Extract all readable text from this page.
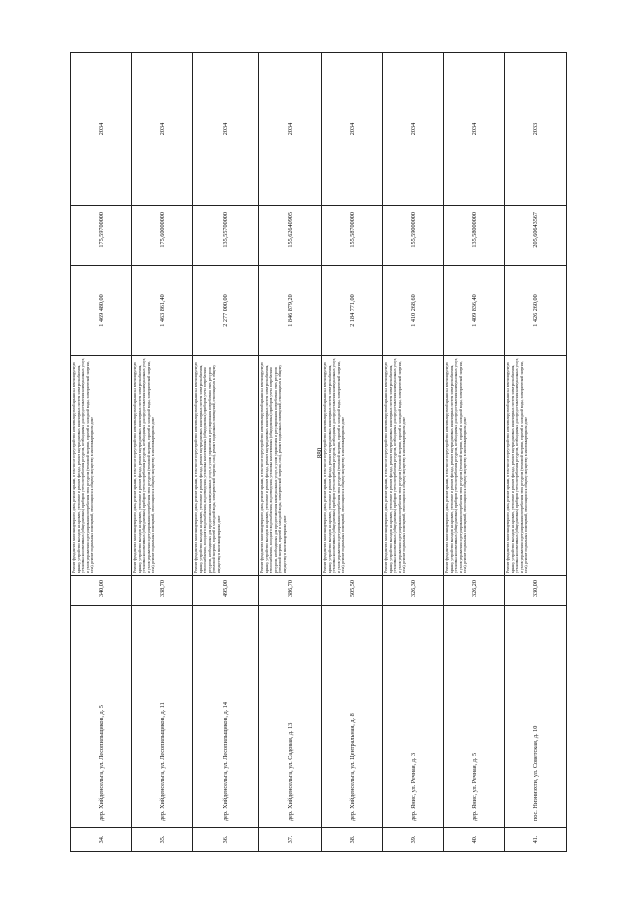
880
34.
дер. Хийденсельга, ул. Лесопильщиков, д. 5
340,00
Ремонт фундамента многоквартирного дома, ремонт крыши, в том числе переустройство невентилируемой крыши на вентилируемую крышу, устройство выходов на кровлю, утепление и ремонт фасада, ремонт внутридомовых инженерных систем электроснабжения, установка коллективных (общедомовых) приборов учета потребления ресурсов, необходимых для предоставления коммунальных услуг, и узлов управления и регулирования потребления этих ресурсов (тепловой энергии, горячей и холодной воды, электрической энергии, газа), ремонт подвальных помещений, относящихся к общему имуществу в многоквартирном доме
1 469 480,00
175,59700000
2034
35.
дер. Хийденсельга, ул. Лесопильщиков, д. 11
338,70
Ремонт фундамента многоквартирного дома, ремонт крыши, в том числе переустройство невентилируемой крыши на вентилируемую крышу, устройство выходов на кровлю, утепление и ремонт фасада, ремонт внутридомовых инженерных систем электроснабжения, установка коллективных (общедомовых) приборов учета потребления ресурсов, необходимых для предоставления коммунальных услуг, и узлов управления и регулирования потребления этих ресурсов (тепловой энергии, горячей и холодной воды, электрической энергии, газа), ремонт подвальных помещений, относящихся к общему имуществу в многоквартирном доме
1 463 861,40
175,60000000
2034
36.
дер. Хийденсельга, ул. Лесопильщиков, д. 14
495,00
Ремонт фундамента многоквартирного дома, ремонт крыши, в том числе переустройство невентилируемой крыши на вентилируемую крышу, устройство выходов на кровлю, утепление и ремонт фасада, ремонт внутридомовых инженерных систем электроснабжения, теплоснабжения, холодного водоснабжения, водоотведения, установка коллективных (общедомовых) приборов учета потребления ресурсов, необходимых для предоставления коммунальных услуг, и узлов управления и регулирования потребления этих ресурсов (тепловой энергии, горячей и холодной воды, электрической энергии, газа), ремонт подвальных помещений, относящихся к общему имуществу в многоквартирном доме
2 277 000,00
135,55700000
2034
37.
дер. Хийденсельга, ул. Садовая, д. 13
386,70
Ремонт фундамента многоквартирного дома, ремонт крыши, в том числе переустройство невентилируемой крыши на вентилируемую крышу, устройство выходов на кровлю, утепление и ремонт фасада, ремонт внутридомовых инженерных систем электроснабжения, теплоснабжения, холодного водоснабжения, водоотведения, установка коллективных (общедомовых) приборов учета потребления ресурсов, необходимых для предоставления коммунальных услуг, и узлов управления и регулирования потребления этих ресурсов (тепловой энергии, горячей и холодной воды, электрической энергии, газа), ремонт подвальных помещений, относящихся к общему имуществу в многоквартирном доме
1 846 879,20
155,62640905
2034
38.
дер. Хийденсельга, ул. Центральная, д. 8
505,50
Ремонт фундамента многоквартирного дома, ремонт крыши, в том числе переустройство невентилируемой крыши на вентилируемую крышу, устройство выходов на кровлю, утепление и ремонт фасада, ремонт внутридомовых инженерных систем электроснабжения, установка коллективных (общедомовых) приборов учета потребления ресурсов, необходимых для предоставления коммунальных услуг, и узлов управления и регулирования потребления этих ресурсов (тепловой энергии, горячей и холодной воды, электрической энергии, газа), ремонт подвальных помещений, относящихся к общему имуществу в многоквартирном доме
2 184 771,00
155,58700000
2034
39.
дер. Янис, ул. Речная, д. 3
326,30
Ремонт фундамента многоквартирного дома, ремонт крыши, в том числе переустройство невентилируемой крыши на вентилируемую крышу, устройство выходов на кровлю, утепление и ремонт фасада, ремонт внутридомовых инженерных систем электроснабжения, установка коллективных (общедомовых) приборов учета потребления ресурсов, необходимых для предоставления коммунальных услуг, и узлов управления и регулирования потребления этих ресурсов (тепловой энергии, горячей и холодной воды, электрической энергии, газа), ремонт подвальных помещений, относящихся к общему имуществу в многоквартирном доме
1 410 268,60
155,59000000
2034
40.
дер. Янис, ул. Речная, д. 5
326,20
Ремонт фундамента многоквартирного дома, ремонт крыши, в том числе переустройство невентилируемой крыши на вентилируемую крышу, устройство выходов на кровлю, утепление и ремонт фасада, ремонт внутридомовых инженерных систем электроснабжения, установка коллективных (общедомовых) приборов учета потребления ресурсов, необходимых для предоставления коммунальных услуг, и узлов управления и регулирования потребления этих ресурсов (тепловой энергии, горячей и холодной воды, электрической энергии, газа), ремонт подвальных помещений, относящихся к общему имуществу в многоквартирном доме
1 409 836,40
135,58000000
2034
41.
пос. Ниэниэхти, ул. Советская, д. 10
330,00
Ремонт фундамента многоквартирного дома, ремонт крыши, в том числе переустройство невентилируемой крыши на вентилируемую крышу, устройство выходов на кровлю, утепление и ремонт фасада, ремонт внутридомовых инженерных систем электроснабжения, установка коллективных (общедомовых) приборов учета потребления ресурсов, необходимых для предоставления коммунальных услуг, и узлов управления и регулирования потребления этих ресурсов (тепловой энергии, горячей и холодной воды, электрической энергии, газа), ремонт подвальных помещений, относящихся к общему имуществу в многоквартирном доме
1 426 260,00
205,60643567
2033
